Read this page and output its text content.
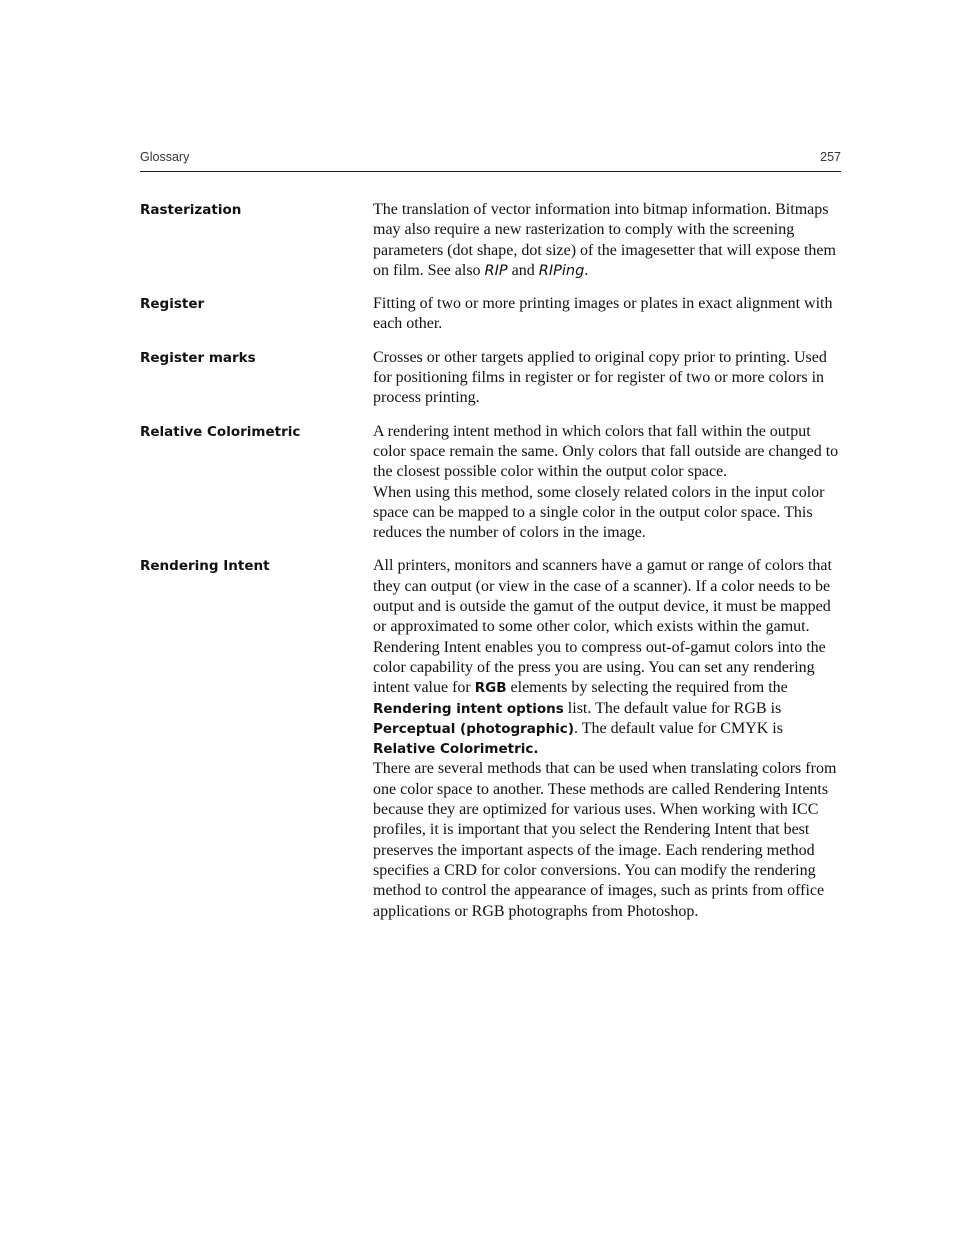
Glossary	257
Rasterization	The translation of vector information into bitmap information. Bitmaps may also require a new rasterization to comply with the screening parameters (dot shape, dot size) of the imagesetter that will expose them on film. See also RIP and RIPing.

Register	Fitting of two or more printing images or plates in exact alignment with each other.

Register marks	Crosses or other targets applied to original copy prior to printing. Used for positioning films in register or for register of two or more colors in process printing.

Relative Colorimetric	A rendering intent method in which colors that fall within the output color space remain the same. Only colors that fall outside are changed to the closest possible color within the output color space.

When using this method, some closely related colors in the input color space can be mapped to a single color in the output color space. This reduces the number of colors in the image.

Rendering Intent	All printers, monitors and scanners have a gamut or range of colors that they can output (or view in the case of a scanner). If a color needs to be output and is outside the gamut of the output device, it must be mapped or approximated to some other color, which exists within the gamut. Rendering Intent enables you to compress out-of-gamut colors into the color capability of the press you are using. You can set any rendering intent value for RGB elements by selecting the required from the Rendering intent options list. The default value for RGB is Perceptual (photographic). The default value for CMYK is Relative Colorimetric.

There are several methods that can be used when translating colors from one color space to another. These methods are called Rendering Intents because they are optimized for various uses. When working with ICC profiles, it is important that you select the Rendering Intent that best preserves the important aspects of the image. Each rendering method specifies a CRD for color conversions. You can modify the rendering method to control the appearance of images, such as prints from office applications or RGB photographs from Photoshop.
